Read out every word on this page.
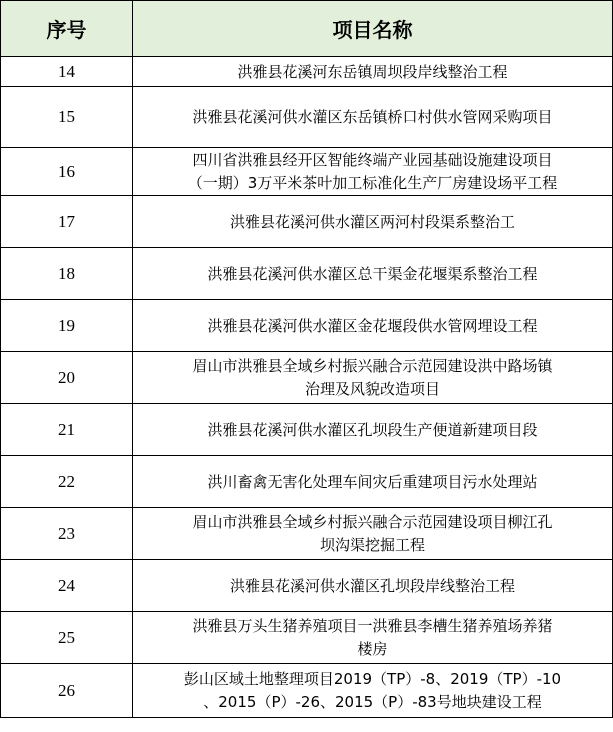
序号	项目名称
14	洪雅县花溪河东岳镇周坝段岸线整治工程
15	洪雅县花溪河供水灌区东岳镇桥口村供水管网采购项目
16	四川省洪雅县经开区智能终端产业园基础设施建设项目
（一期）3万平米茶叶加工标准化生产厂房建设场平工程

17	洪雅县花溪河供水灌区两河村段渠系整治工
18	洪雅县花溪河供水灌区总干渠金花堰渠系整治工程
19	洪雅县花溪河供水灌区金花堰段供水管网埋设工程
20	眉山市洪雅县全域乡村振兴融合示范园建设洪中路场镇
治理及风貌改造项目

21	洪雅县花溪河供水灌区孔坝段生产便道新建项目段
22	洪川畜禽无害化处理车间灾后重建项目污水处理站
23	眉山市洪雅县全域乡村振兴融合示范园建设项目柳江孔
坝沟渠挖掘工程

24	洪雅县花溪河供水灌区孔坝段岸线整治工程
25	洪雅县万头生猪养殖项目一洪雅县李槽生猪养殖场养猪
楼房

26	彭山区域土地整理项目2019（TP）-8、2019（TP）-10
、2015（P）-26、2015（P）-83号地块建设工程
